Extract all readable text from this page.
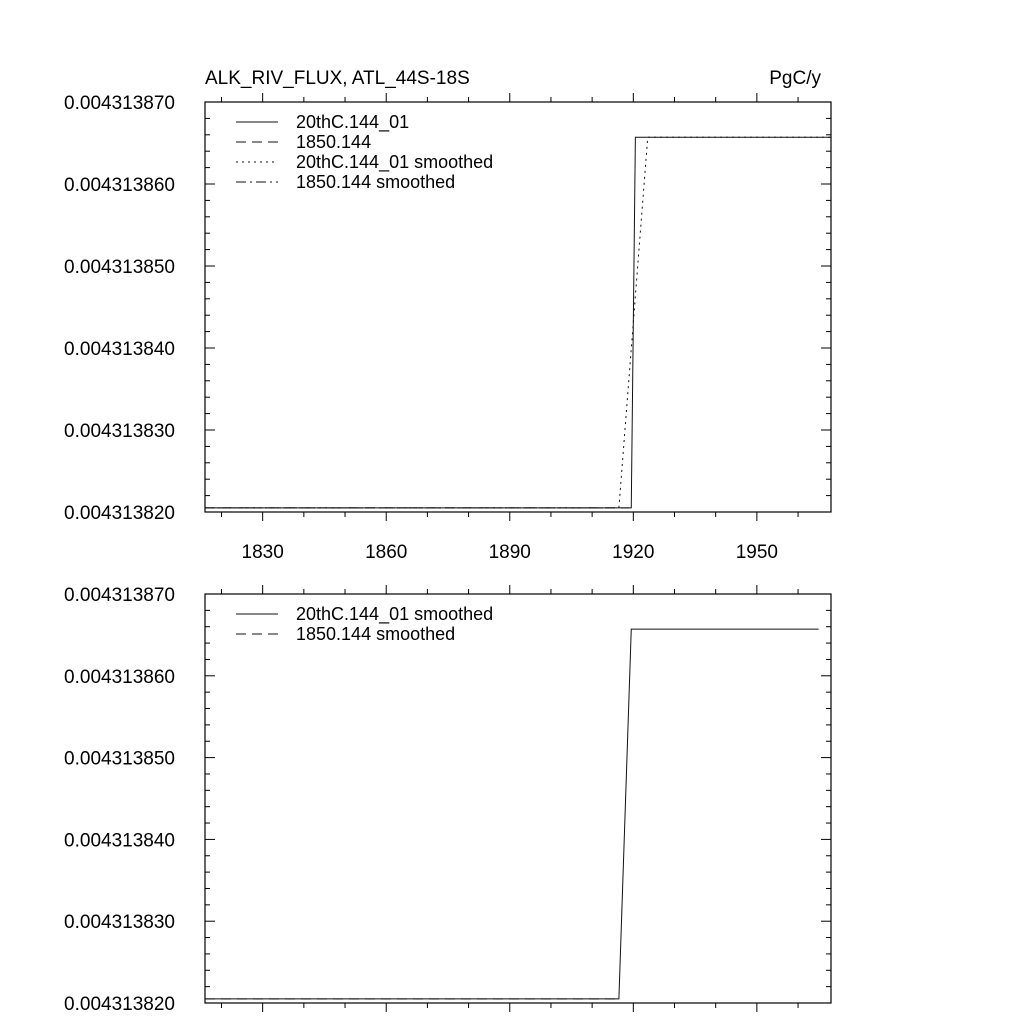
1830	1860	1890	1920	1950
0.004313820
0.004313830
0.004313840
0.004313850
0.004313860
0.004313870
ALK_RIV_FLUX, ATL_44S-18S	PgC/y
20thC.144_01
1850.144
20thC.144_01 smoothed
1850.144 smoothed
0.004313820
0.004313830
0.004313840
0.004313850
0.004313860
0.004313870
20thC.144_01 smoothed
1850.144 smoothed
